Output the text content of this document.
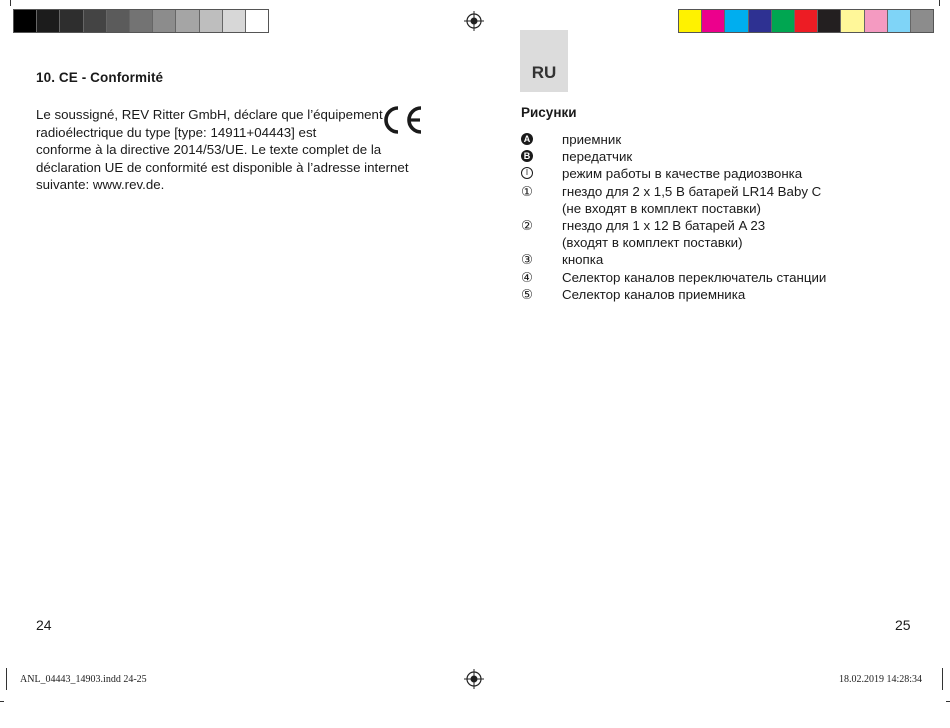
10. CE - Conformité
Le soussigné, REV Ritter GmbH, déclare que l’équipement
radioélectrique du type [type: 14911+04443] est
conforme à la directive 2014/53/UE. Le texte complet de la
déclaration UE de conformité est disponible à l’adresse internet
suivante: www.rev.de.
24
RU
Рисунки
A приемник
B передатчик
I	режим работы в качестве радиозвонка
①	гнездо для 2 x 1,5 В батарей LR14 Baby C
(не входят в комплект поставки)
②	гнездо для 1 x 12 В батарей A 23
(входят в комплект поставки)
③	кнопка
④	Селектор каналов переключатель станции
⑤	Селектор каналов приемника
25
ANL_04443_14903.indd 24-25	18.02.2019 14:28:34
